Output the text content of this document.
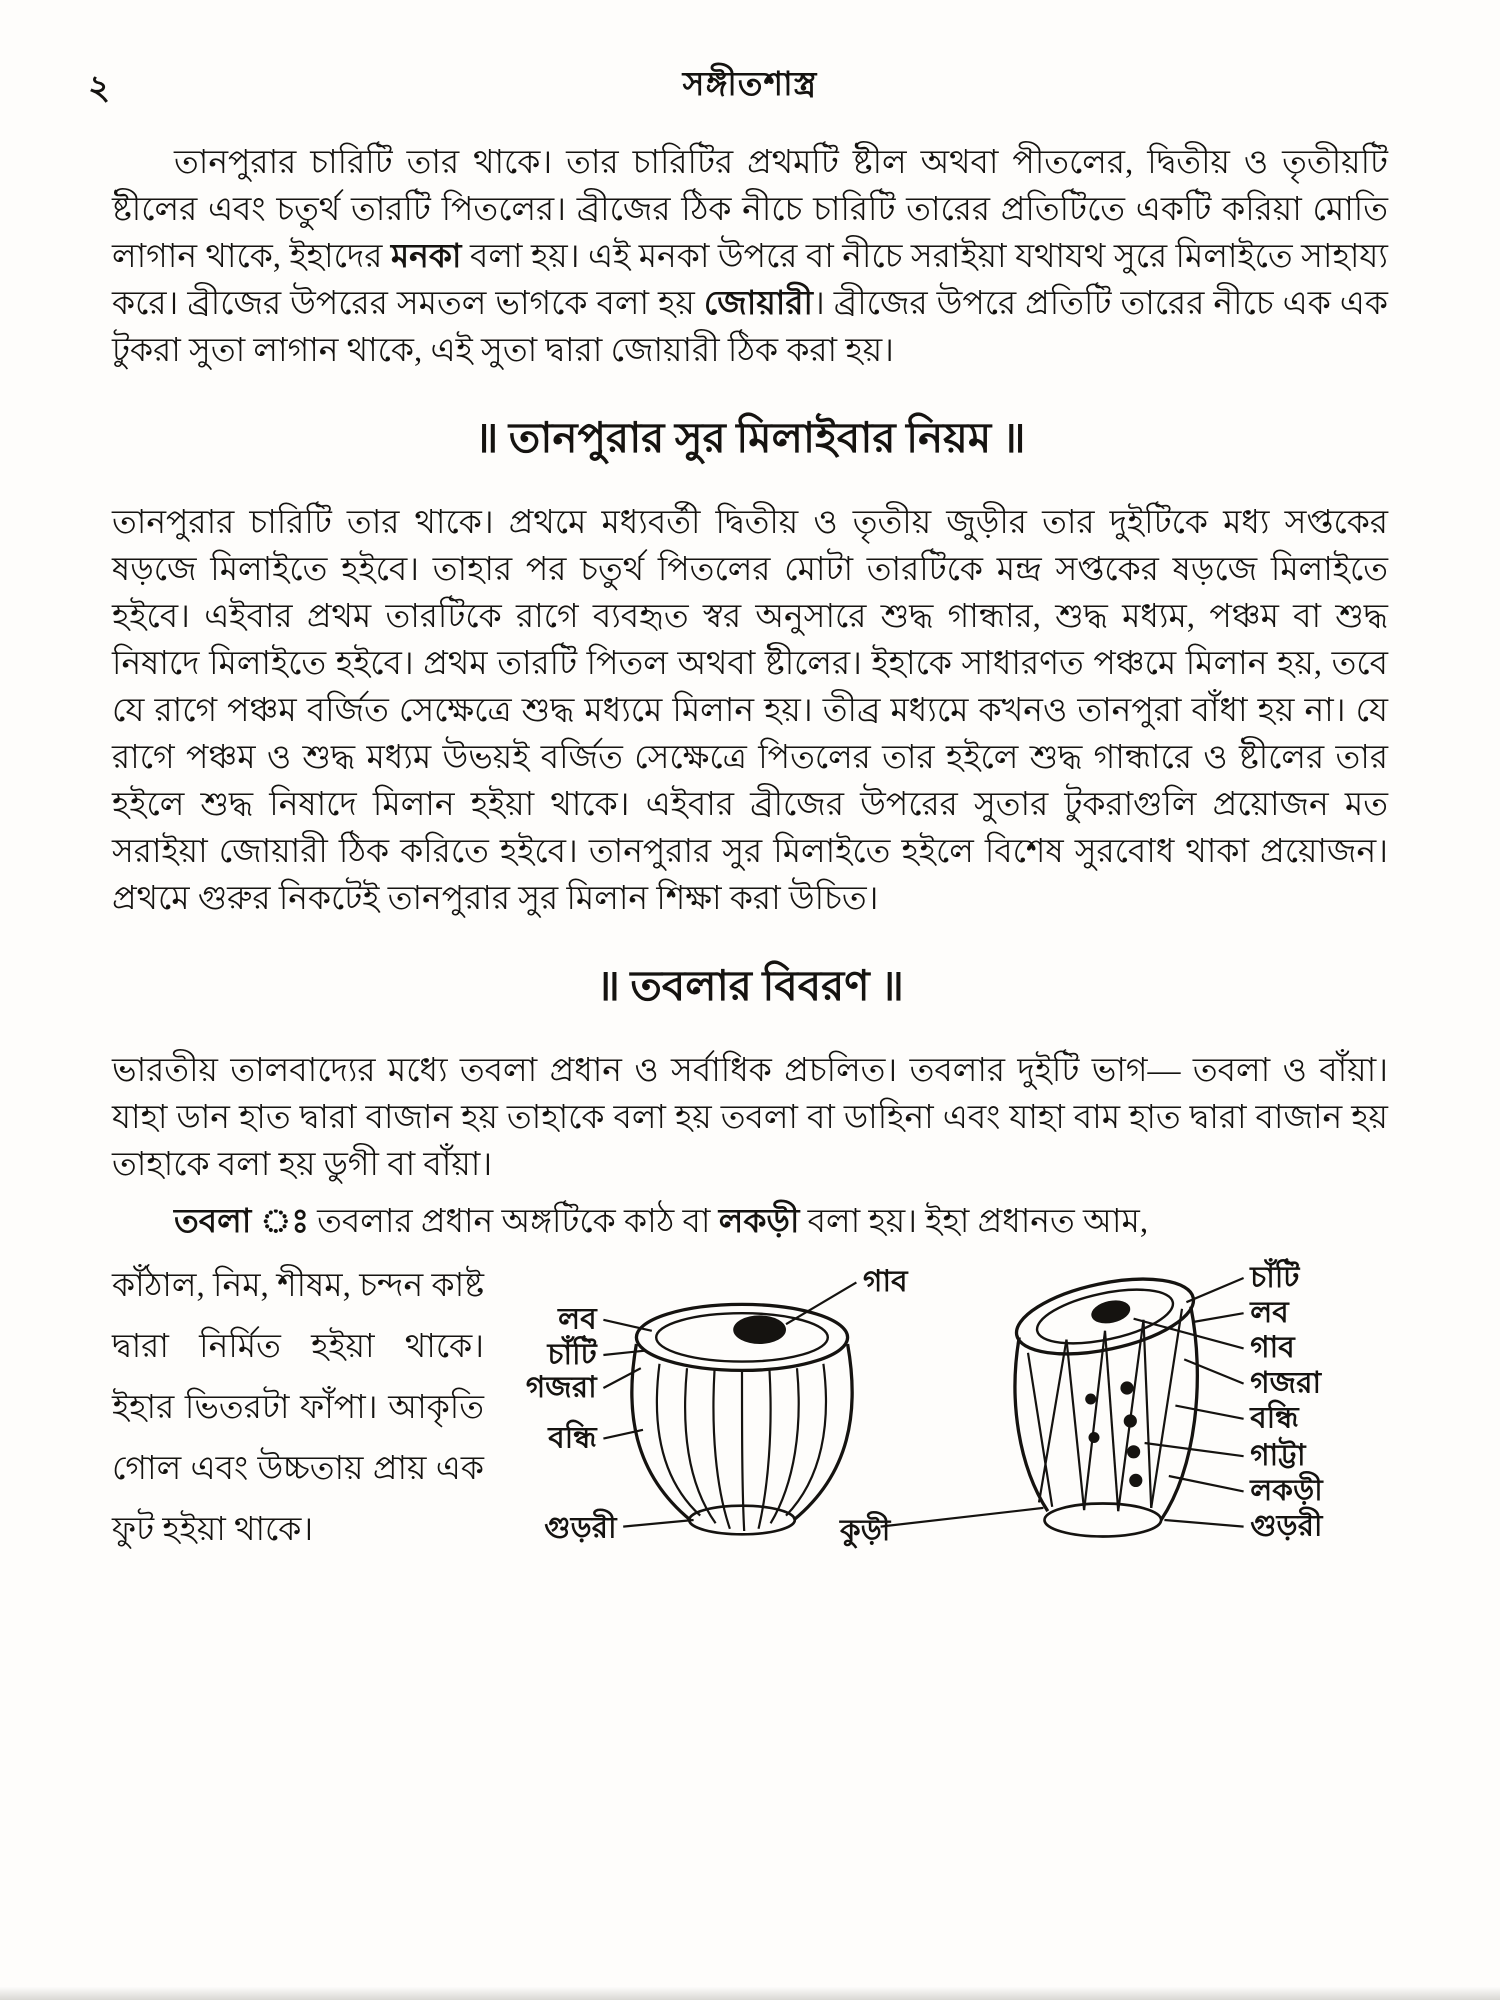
২	সঙ্গীতশাস্ত্র

তানপুরার চারিটি তার থাকে। তার চারিটির প্রথমটি ষ্টীল অথবা পীতলের, দ্বিতীয় ও তৃতীয়টি ষ্টীলের এবং চতুর্থ তারটি পিতলের। ব্রীজের ঠিক নীচে চারিটি তারের প্রতিটিতে একটি করিয়া মোতি লাগান থাকে, ইহাদের মনকা বলা হয়। এই মনকা উপরে বা নীচে সরাইয়া যথাযথ সুরে মিলাইতে সাহায্য করে। ব্রীজের উপরের সমতল ভাগকে বলা হয় জোয়ারী। ব্রীজের উপরে প্রতিটি তারের নীচে এক এক টুকরা সুতা লাগান থাকে, এই সুতা দ্বারা জোয়ারী ঠিক করা হয়।

॥ তানপুরার সুর মিলাইবার নিয়ম ॥

তানপুরার চারিটি তার থাকে। প্রথমে মধ্যবর্তী দ্বিতীয় ও তৃতীয় জুড়ীর তার দুইটিকে মধ্য সপ্তকের ষড়জে মিলাইতে হইবে। তাহার পর চতুর্থ পিতলের মোটা তারটিকে মন্দ্র সপ্তকের ষড়জে মিলাইতে হইবে। এইবার প্রথম তারটিকে রাগে ব্যবহৃত স্বর অনুসারে শুদ্ধ গান্ধার, শুদ্ধ মধ্যম, পঞ্চম বা শুদ্ধ নিষাদে মিলাইতে হইবে। প্রথম তারটি পিতল অথবা ষ্টীলের। ইহাকে সাধারণত পঞ্চমে মিলান হয়, তবে যে রাগে পঞ্চম বর্জিত সেক্ষেত্রে শুদ্ধ মধ্যমে মিলান হয়। তীব্র মধ্যমে কখনও তানপুরা বাঁধা হয় না। যে রাগে পঞ্চম ও শুদ্ধ মধ্যম উভয়ই বর্জিত সেক্ষেত্রে পিতলের তার হইলে শুদ্ধ গান্ধারে ও ষ্টীলের তার হইলে শুদ্ধ নিষাদে মিলান হইয়া থাকে। এইবার ব্রীজের উপরের সুতার টুকরাগুলি প্রয়োজন মত সরাইয়া জোয়ারী ঠিক করিতে হইবে। তানপুরার সুর মিলাইতে হইলে বিশেষ সুরবোধ থাকা প্রয়োজন। প্রথমে গুরুর নিকটেই তানপুরার সুর মিলান শিক্ষা করা উচিত।

॥ তবলার বিবরণ ॥

ভারতীয় তালবাদ্যের মধ্যে তবলা প্রধান ও সর্বাধিক প্রচলিত। তবলার দুইটি ভাগ— তবলা ও বাঁয়া। যাহা ডান হাত দ্বারা বাজান হয় তাহাকে বলা হয় তবলা বা ডাহিনা এবং যাহা বাম হাত দ্বারা বাজান হয় তাহাকে বলা হয় ডুগী বা বাঁয়া।

তবলা ঃ তবলার প্রধান অঙ্গটিকে কাঠ বা লকড়ী বলা হয়। ইহা প্রধানত আম,

কাঁঠাল, নিম, শীষম, চন্দন কাষ্ট দ্বারা নির্মিত হইয়া থাকে। ইহার ভিতরটা ফাঁপা। আকৃতি গোল এবং উচ্চতায় প্রায় এক ফুট হইয়া থাকে।
গাব
লব
চাঁটি
গজরা
বন্ধি
গুড়রী	কুড়ী
চাঁটি
লব
গাব
গজরা
বন্ধি
গাট্টা
লকড়ী
গুড়রী
